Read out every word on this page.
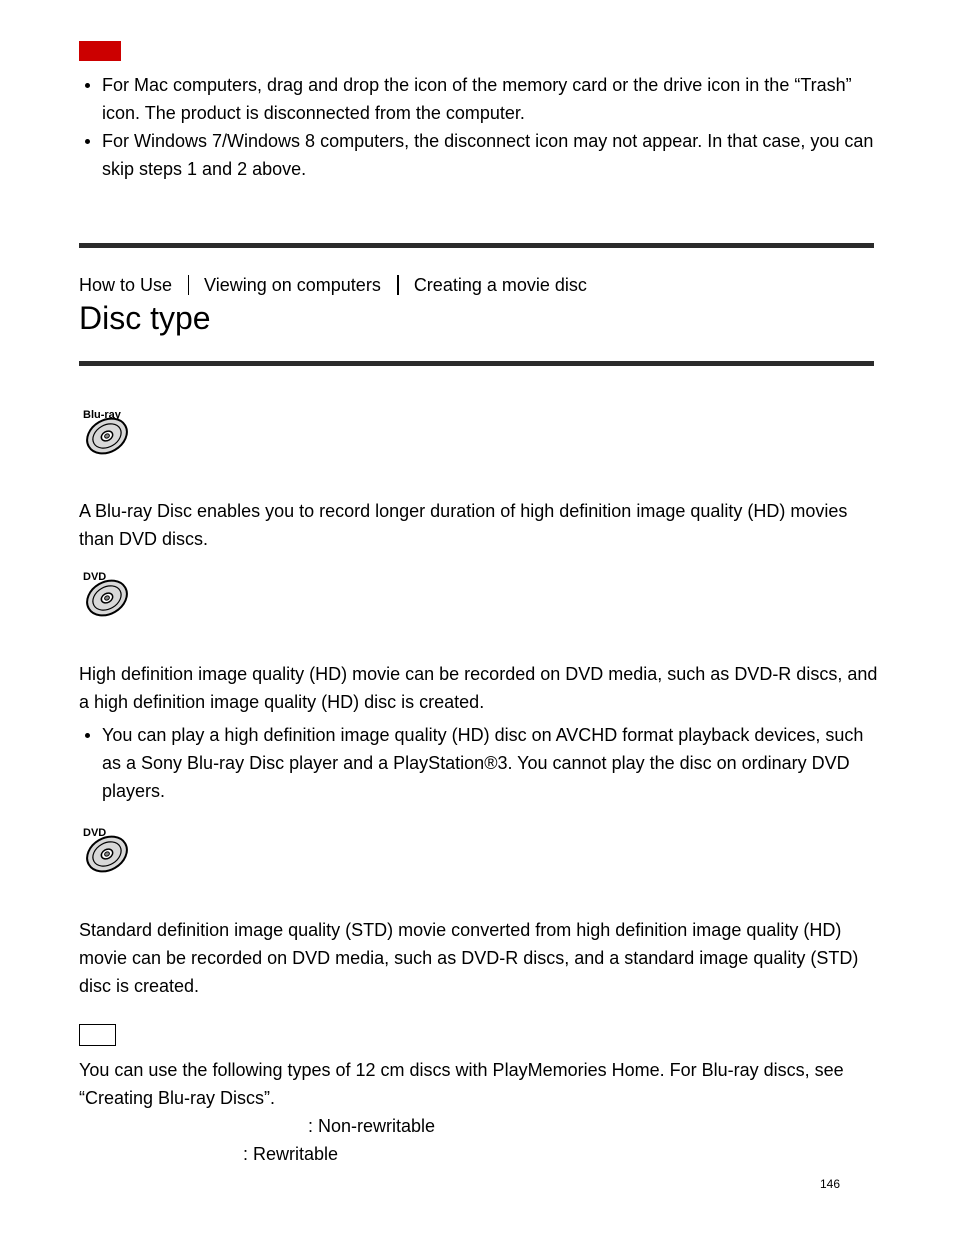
For Mac computers, drag and drop the icon of the memory card or the drive icon in the “Trash” icon. The product is disconnected from the computer.
For Windows 7/Windows 8 computers, the disconnect icon may not appear. In that case, you can skip steps 1 and 2 above.
How to Use Viewing on computers Creating a movie disc
Disc type
Blu-ray
A Blu-ray Disc enables you to record longer duration of high definition image quality (HD) movies than DVD discs.
DVD
High definition image quality (HD) movie can be recorded on DVD media, such as DVD-R discs, and a high definition image quality (HD) disc is created.
You can play a high definition image quality (HD) disc on AVCHD format playback devices, such as a Sony Blu-ray Disc player and a PlayStation®3. You cannot play the disc on ordinary DVD players.
DVD
Standard definition image quality (STD) movie converted from high definition image quality (HD) movie can be recorded on DVD media, such as DVD-R discs, and a standard image quality (STD) disc is created.
You can use the following types of 12 cm discs with PlayMemories Home. For Blu-ray discs, see “Creating Blu-ray Discs”.
: Non-rewritable
: Rewritable
146
